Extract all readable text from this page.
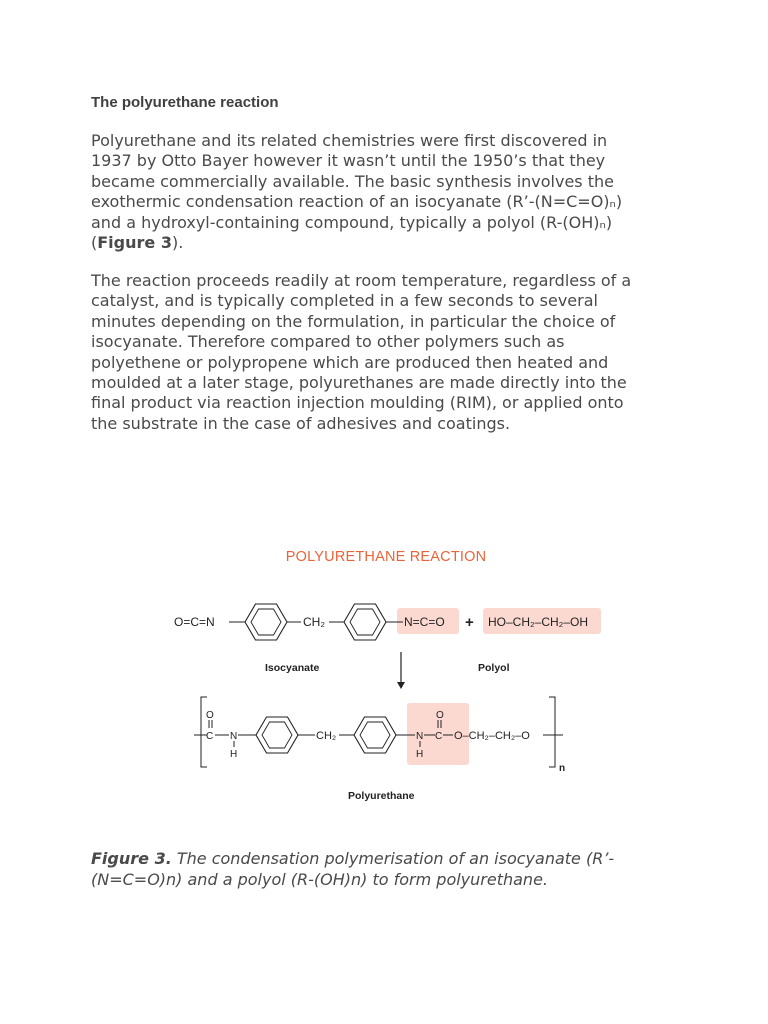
The polyurethane reaction
Polyurethane and its related chemistries were first discovered in
1937 by Otto Bayer however it wasn’t until the 1950’s that they
became commercially available. The basic synthesis involves the
exothermic condensation reaction of an isocyanate (R’-(N=C=O)ₙ)
and a hydroxyl-containing compound, typically a polyol (R-(OH)ₙ)
(Figure 3).
The reaction proceeds readily at room temperature, regardless of a
catalyst, and is typically completed in a few seconds to several
minutes depending on the formulation, in particular the choice of
isocyanate. Therefore compared to other polymers such as
polyethene or polypropene which are produced then heated and
moulded at a later stage, polyurethanes are made directly into the
final product via reaction injection moulding (RIM), or applied onto
the substrate in the case of adhesives and coatings.
POLYURETHANE REACTION
O=C=N	CH₂	N=C=O + HO–CH₂–CH₂–OH
Isocyanate	Polyol
n
O
C N
H
CH₂	N
H
O
C O–CH₂–CH₂–O
Polyurethane
Figure 3. The condensation polymerisation of an isocyanate (R’-
(N=C=O)n) and a polyol (R-(OH)n) to form polyurethane.
